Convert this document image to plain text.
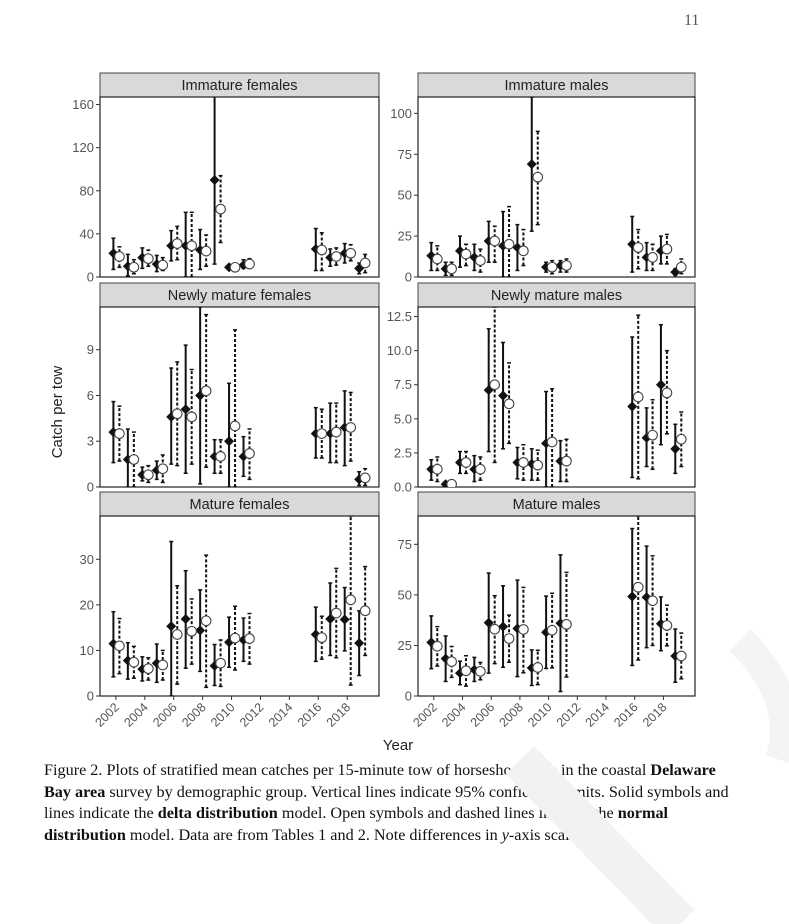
11
Immature females
0
40
80
120
160
Immature males
0
25
50
75
100
Newly mature females
0
3
6
9
Newly mature males
0.0
2.5
5.0
7.5
10.0
12.5
Mature females
0
10
20
30
2002 2004 2006 2008 2010 2012 2014 2016 2018
Mature males
0
25
50
75
2002 2004 2006 2008 2010 2012 2014 2016 2018
Catch per tow
Year
Figure 2. Plots of stratified mean catches per 15-minute tow of horseshoe crabs in the coastal Delaware Bay area survey by demographic group. Vertical lines indicate 95% confidence limits. Solid symbols and lines indicate the delta distribution model. Open symbols and dashed lines indicate the normal distribution model. Data are from Tables 1 and 2. Note differences in y-axis scales.
